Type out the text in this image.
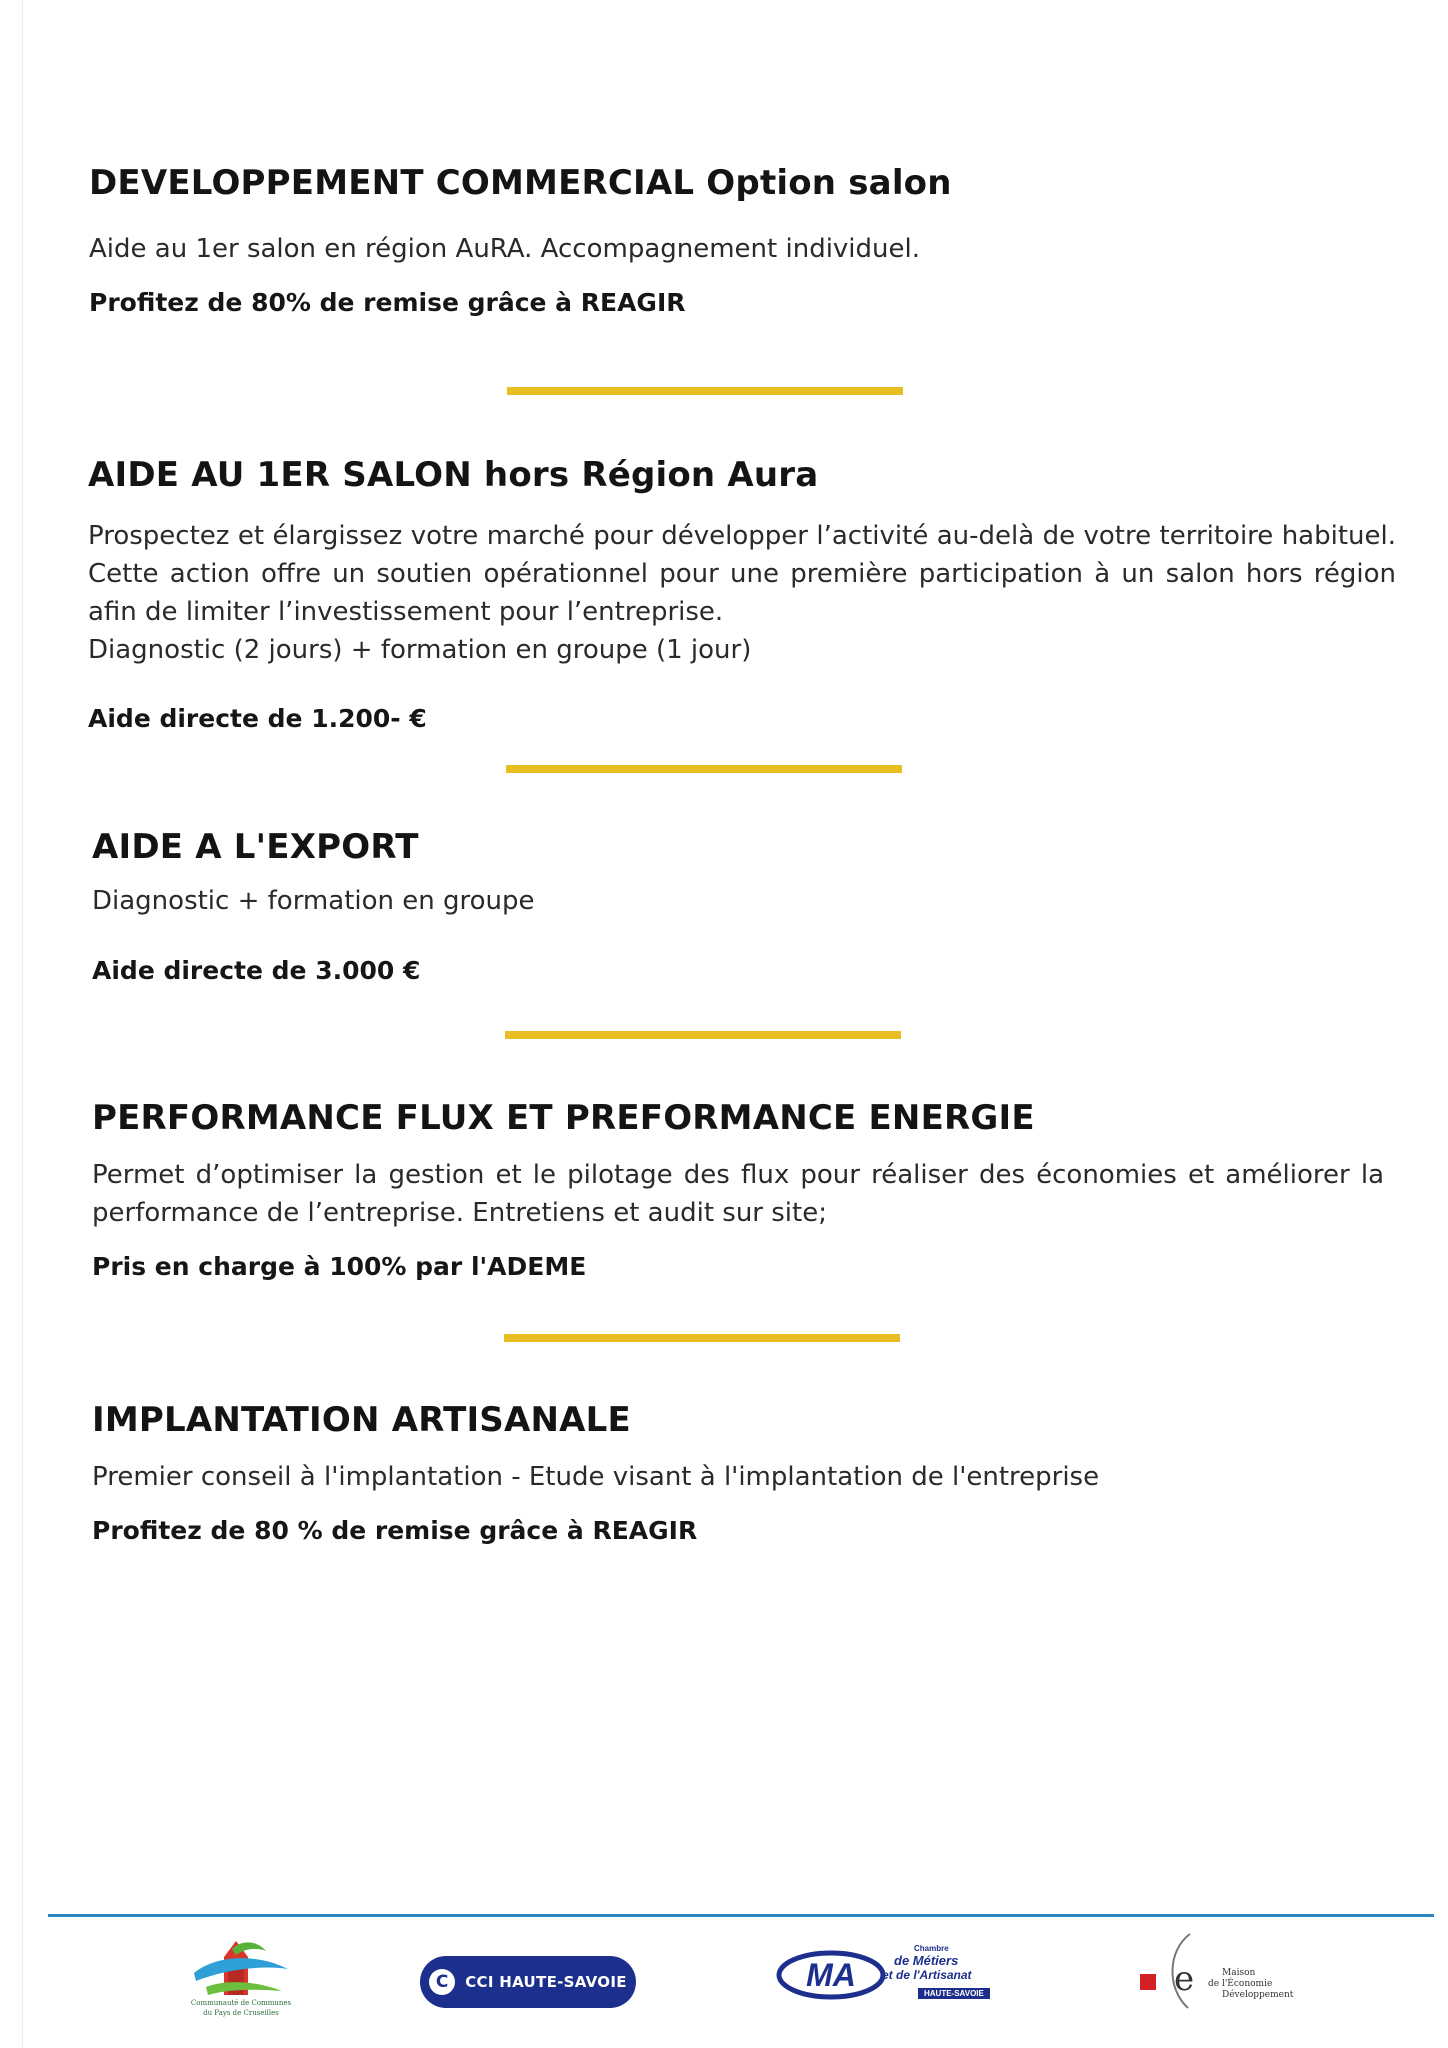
DEVELOPPEMENT COMMERCIAL Option salon

Aide au 1er salon en région AuRA. Accompagnement individuel.

Profitez de 80% de remise grâce à REAGIR

AIDE AU 1ER SALON hors Région Aura

Prospectez et élargissez votre marché pour développer l’activité au-delà de votre territoire habituel. Cette action offre un soutien opérationnel pour une première participation à un salon hors région afin de limiter l’investissement pour l’entreprise.

Diagnostic (2 jours) + formation en groupe (1 jour)

Aide directe de 1.200- €

AIDE A L'EXPORT

Diagnostic + formation en groupe

Aide directe de 3.000 €

PERFORMANCE FLUX ET PREFORMANCE ENERGIE

Permet d’optimiser la gestion et le pilotage des flux pour réaliser des économies et améliorer la performance de l’entreprise. Entretiens et audit sur site;

Pris en charge à 100% par l'ADEME

IMPLANTATION ARTISANALE

Premier conseil à l'implantation - Etude visant à l'implantation de l'entreprise

Profitez de 80 % de remise grâce à REAGIR

Communauté de Communes
du Pays de Cruseilles
C	CCI HAUTE-SAVOIE	MA
Chambre
de Métiers
et de l'Artisanat
HAUTE-SAVOIE	e	Maison
de l'Économie
Développement
